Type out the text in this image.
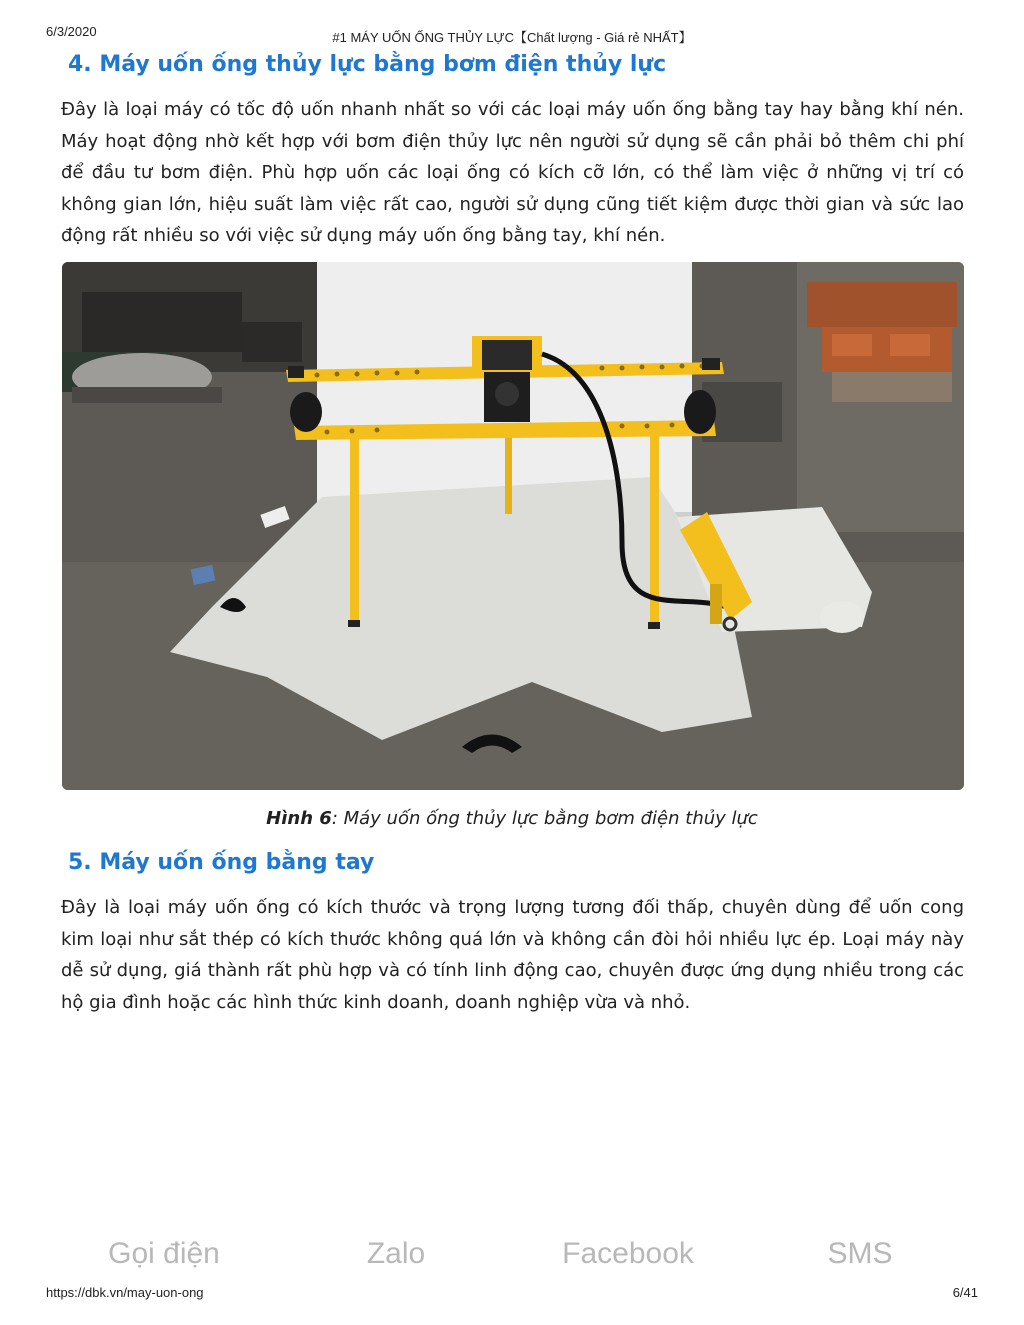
6/3/2020	#1 MÁY UỐN ỐNG THỦY LỰC【Chất lượng - Giá rẻ NHẤT】
4. Máy uốn ống thủy lực bằng bơm điện thủy lực

Đây là loại máy có tốc độ uốn nhanh nhất so với các loại máy uốn ống bằng tay hay bằng khí nén. Máy hoạt động nhờ kết hợp với bơm điện thủy lực nên người sử dụng sẽ cần phải bỏ thêm chi phí để đầu tư bơm điện. Phù hợp uốn các loại ống có kích cỡ lớn, có thể làm việc ở những vị trí có không gian lớn, hiệu suất làm việc rất cao, người sử dụng cũng tiết kiệm được thời gian và sức lao động rất nhiều so với việc sử dụng máy uốn ống bằng tay, khí nén.

Hình 6: Máy uốn ống thủy lực bằng bơm điện thủy lực
5. Máy uốn ống bằng tay

Đây là loại máy uốn ống có kích thước và trọng lượng tương đối thấp, chuyên dùng để uốn cong kim loại như sắt thép có kích thước không quá lớn và không cần đòi hỏi nhiều lực ép. Loại máy này dễ sử dụng, giá thành rất phù hợp và có tính linh động cao, chuyên được ứng dụng nhiều trong các hộ gia đình hoặc các hình thức kinh doanh, doanh nghiệp vừa và nhỏ.

Gọi điện	Zalo	Facebook	SMS
https://dbk.vn/may-uon-ong	6/41
